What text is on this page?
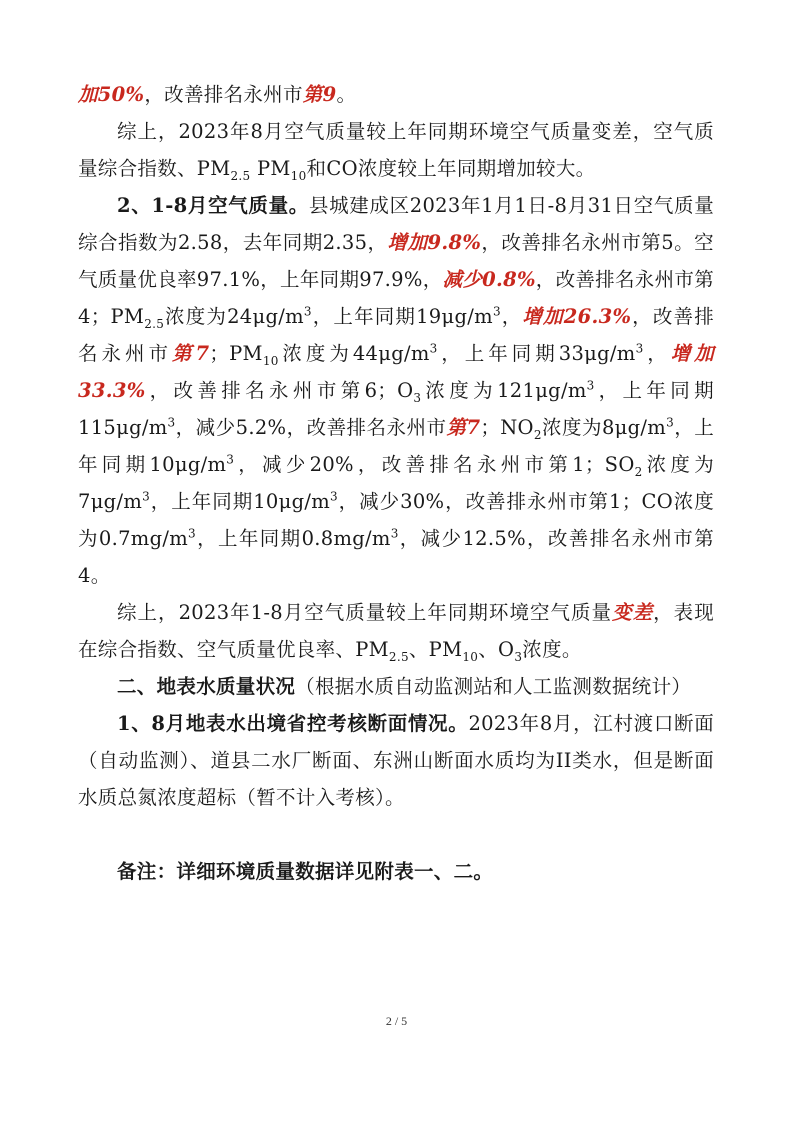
加50%，改善排名永州市第9。

综上，2023年8月空气质量较上年同期环境空气质量变差，空气质量综合指数、$PM_{2.5}$ $PM_{10}$和CO浓度较上年同期增加较大。

2、1-8月空气质量。县城建成区2023年1月1日-8月31日空气质量综合指数为2.58，去年同期2.35，增加9.8%，改善排名永州市第5。空气质量优良率97.1%，上年同期97.9%，减少0.8%，改善排名永州市第4；$PM_{2.5}$浓度为$24\mu g/m^3$，上年同期$19\mu g/m^3$，增加26.3%，改善排名永州市第7；$PM_{10}$浓度为$44\mu g/m^3$，上年同期$33\mu g/m^3$，增加33.3%，改善排名永州市第6；$O_3$浓度为$121\mu g/m^3$，上年同期$115\mu g/m^3$，减少5.2%，改善排名永州市第7；$NO_2$浓度为$8\mu g/m^3$，上年同期$10\mu g/m^3$，减少20%，改善排名永州市第1；$SO_2$浓度为$7\mu g/m^3$，上年同期$10\mu g/m^3$，减少30%，改善排永州市第1；CO浓度为$0.7mg/m^3$，上年同期$0.8mg/m^3$，减少12.5%，改善排名永州市第4。

综上，2023年1-8月空气质量较上年同期环境空气质量变差，表现在综合指数、空气质量优良率、$PM_{2.5}$、$PM_{10}$、$O_3$浓度。

二、地表水质量状况（根据水质自动监测站和人工监测数据统计）

1、8月地表水出境省控考核断面情况。2023年8月，江村渡口断面（自动监测）、道县二水厂断面、东洲山断面水质均为II类水，但是断面水质总氮浓度超标（暂不计入考核）。

备注：详细环境质量数据详见附表一、二。

2 / 5
